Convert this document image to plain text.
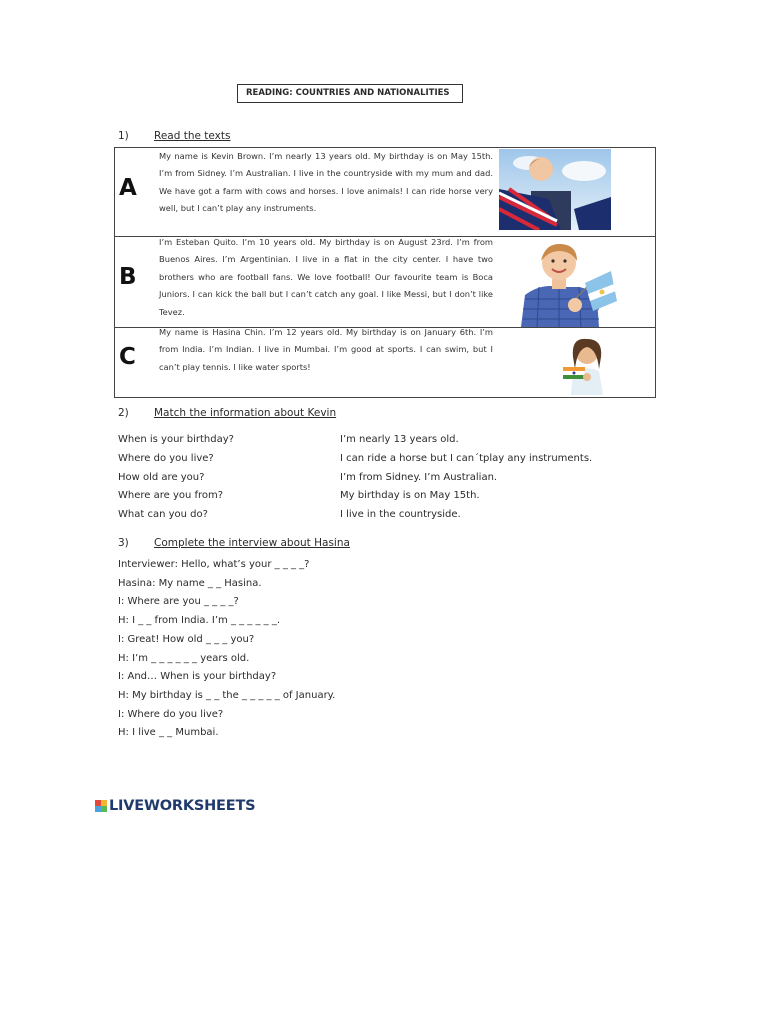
READING: COUNTRIES AND NATIONALITIES
1) Read the texts
A
My name is Kevin Brown. I’m nearly 13 years old. My birthday is on May 15th. I’m from Sidney. I’m Australian. I live in the countryside with my mum and dad. We have got a farm with cows and horses. I love animals! I can ride horse very well, but I can’t play any instruments.
B
I’m Esteban Quito. I’m 10 years old. My birthday is on August 23rd. I’m from Buenos Aires. I’m Argentinian. I live in a flat in the city center. I have two brothers who are football fans. We love football! Our favourite team is Boca Juniors. I can kick the ball but I can’t catch any goal. I like Messi, but I don’t like Tevez.
C
My name is Hasina Chin. I’m 12 years old. My birthday is on January 6th. I’m from India. I’m Indian. I live in Mumbai. I’m good at sports. I can swim, but I can’t play tennis. I like water sports!
2) Match the information about Kevin
When is your birthday?
Where do you live?
How old are you?
Where are you from?
What can you do?
I’m nearly 13 years old.
I can ride a horse but I can´tplay any instruments.
I’m from Sidney. I’m Australian.
My birthday is on May 15th.
I live in the countryside.
3) Complete the interview about Hasina
Interviewer: Hello, what’s your _ _ _ _?
Hasina: My name _ _ Hasina.
I: Where are you _ _ _ _?
H: I _ _ from India. I’m _ _ _ _ _ _.
I: Great! How old _ _ _ you?
H: I’m _ _ _ _ _ _ years old.
I: And… When is your birthday?
H: My birthday is _ _ the _ _ _ _ _ of January.
I: Where do you live?
H: I live _ _ Mumbai.
LIVEWORKSHEETS
